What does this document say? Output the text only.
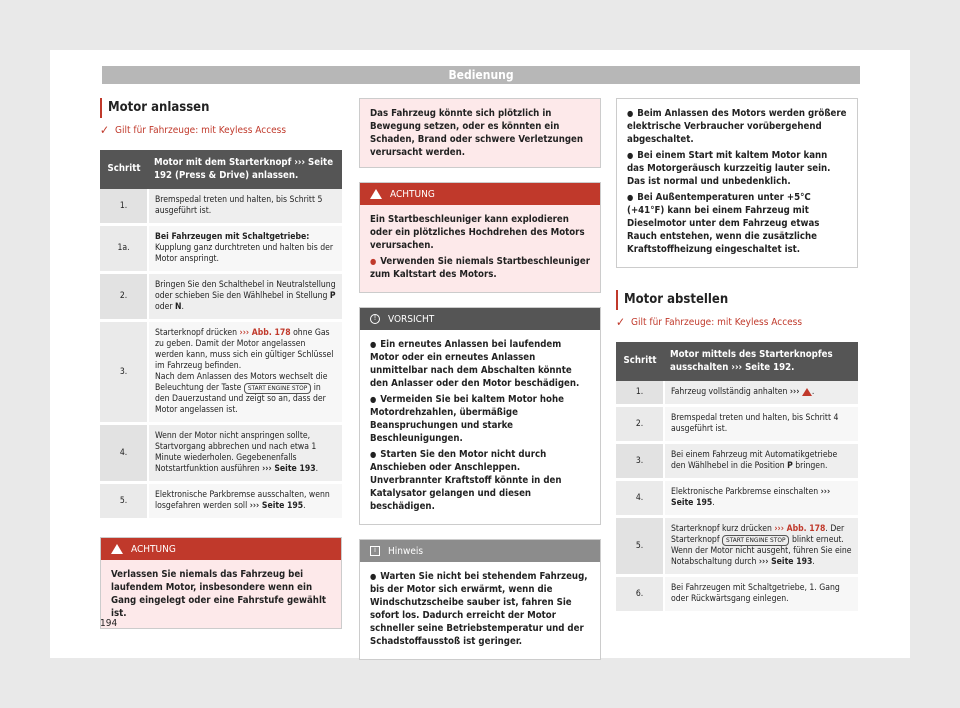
Bedienung
Motor anlassen
✓ Gilt für Fahrzeuge: mit Keyless Access
Schritt	Motor mit dem Starterknopf ››› Seite 192 (Press & Drive) anlassen.
1.	Bremspedal treten und halten, bis Schritt 5 ausgeführt ist.
1a.	Bei Fahrzeugen mit Schaltgetriebe: Kupplung ganz durchtreten und halten bis der Motor anspringt.
2.	Bringen Sie den Schalthebel in Neutralstellung oder schieben Sie den Wählhebel in Stellung P oder N.
3.	Starterknopf drücken ››› Abb. 178 ohne Gas zu geben. Damit der Motor angelassen werden kann, muss sich ein gültiger Schlüssel im Fahrzeug befinden.
Nach dem Anlassen des Motors wechselt die Beleuchtung der Taste START ENGINE STOP in den Dauerzustand und zeigt so an, dass der Motor angelassen ist.
4.	Wenn der Motor nicht anspringen sollte, Startvorgang abbrechen und nach etwa 1 Minute wiederholen. Gegebenenfalls Notstartfunktion ausführen ››› Seite 193.
5.	Elektronische Parkbremse ausschalten, wenn losgefahren werden soll ››› Seite 195.
ACHTUNG
Verlassen Sie niemals das Fahrzeug bei laufendem Motor, insbesondere wenn ein Gang eingelegt oder eine Fahrstufe gewählt ist.
Das Fahrzeug könnte sich plötzlich in Bewegung setzen, oder es könnten ein Schaden, Brand oder schwere Verletzungen verursacht werden.
ACHTUNG

Ein Startbeschleuniger kann explodieren oder ein plötzliches Hochdrehen des Motors verursachen.

● Verwenden Sie niemals Startbeschleuniger zum Kaltstart des Motors.

!	VORSICHT

● Ein erneutes Anlassen bei laufendem Motor oder ein erneutes Anlassen unmittelbar nach dem Abschalten könnte den Anlasser oder den Motor beschädigen.

● Vermeiden Sie bei kaltem Motor hohe Motordrehzahlen, übermäßige Beanspruchungen und starke Beschleunigungen.

● Starten Sie den Motor nicht durch Anschieben oder Anschleppen. Unverbrannter Kraftstoff könnte in den Katalysator gelangen und diesen beschädigen.

i	Hinweis

● Warten Sie nicht bei stehendem Fahrzeug, bis der Motor sich erwärmt, wenn die Windschutzscheibe sauber ist, fahren Sie sofort los. Dadurch erreicht der Motor schneller seine Betriebstemperatur und der Schadstoffausstoß ist geringer.

● Beim Anlassen des Motors werden größere elektrische Verbraucher vorübergehend abgeschaltet.

● Bei einem Start mit kaltem Motor kann das Motorgeräusch kurzzeitig lauter sein. Das ist normal und unbedenklich.

● Bei Außentemperaturen unter +5°C (+41°F) kann bei einem Fahrzeug mit Dieselmotor unter dem Fahrzeug etwas Rauch entstehen, wenn die zusätzliche Kraftstoffheizung eingeschaltet ist.

Motor abstellen
✓ Gilt für Fahrzeuge: mit Keyless Access
Schritt	Motor mittels des Starterknopfes ausschalten ››› Seite 192.
1.	Fahrzeug vollständig anhalten ››› .
2.	Bremspedal treten und halten, bis Schritt 4 ausgeführt ist.
3.	Bei einem Fahrzeug mit Automatikgetriebe den Wählhebel in die Position P bringen.
4.	Elektronische Parkbremse einschalten ››› Seite 195.
5.	Starterknopf kurz drücken ››› Abb. 178. Der Starterknopf START ENGINE STOP blinkt erneut. Wenn der Motor nicht ausgeht, führen Sie eine Notabschaltung durch ››› Seite 193.
6.	Bei Fahrzeugen mit Schaltgetriebe, 1. Gang oder Rückwärtsgang einlegen.
194
